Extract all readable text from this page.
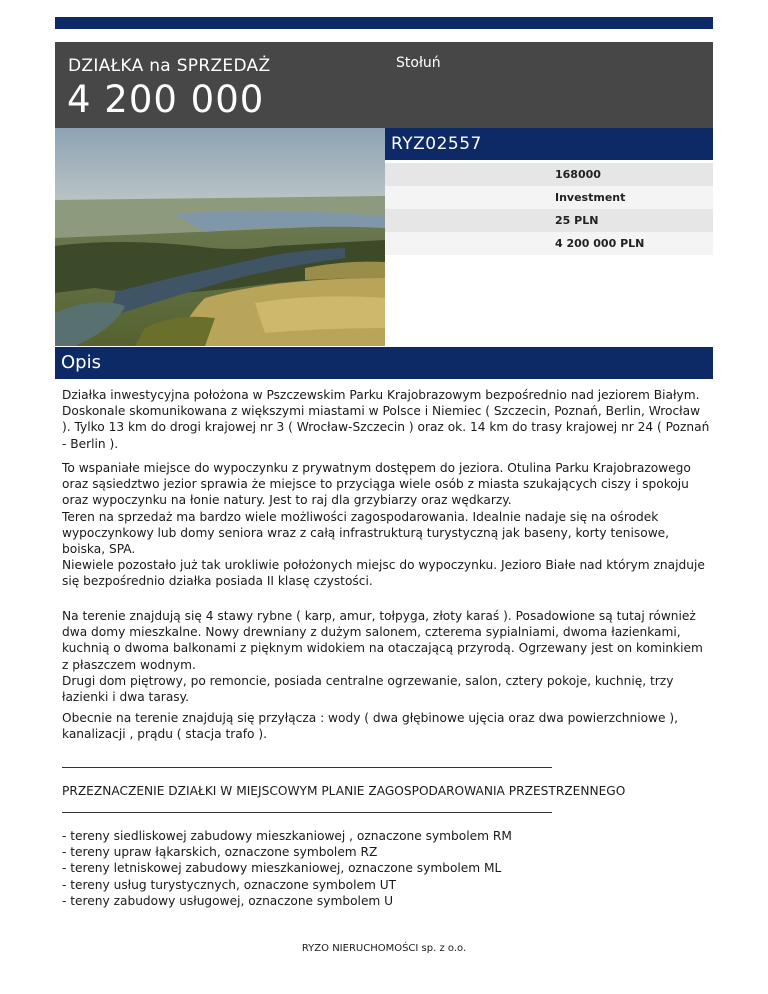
DZIAŁKA na SPRZEDAŻ
4 200 000
Stołuń
RYZ02557
168000
Investment
25 PLN
4 200 000 PLN
Opis

Działka inwestycyjna położona w Pszczewskim Parku Krajobrazowym bezpośrednio nad jeziorem Białym. Doskonale skomunikowana z większymi miastami w Polsce i Niemiec ( Szczecin, Poznań, Berlin, Wrocław ). Tylko 13 km do drogi krajowej nr 3 ( Wrocław-Szczecin ) oraz ok. 14 km do trasy krajowej nr 24 ( Poznań - Berlin ).

To wspaniałe miejsce do wypoczynku z prywatnym dostępem do jeziora. Otulina Parku Krajobrazowego oraz sąsiedztwo jezior sprawia że miejsce to przyciąga wiele osób z miasta szukających ciszy i spokoju oraz wypoczynku na łonie natury. Jest to raj dla grzybiarzy oraz wędkarzy.

Teren na sprzedaż ma bardzo wiele możliwości zagospodarowania. Idealnie nadaje się na ośrodek wypoczynkowy lub domy seniora wraz z całą infrastrukturą turystyczną jak baseny, korty tenisowe, boiska, SPA.

Niewiele pozostało już tak urokliwie położonych miejsc do wypoczynku. Jezioro Białe nad którym znajduje się bezpośrednio działka posiada II klasę czystości.

Na terenie znajdują się 4 stawy rybne ( karp, amur, tołpyga, złoty karaś ). Posadowione są tutaj również dwa domy mieszkalne. Nowy drewniany z dużym salonem, czterema sypialniami, dwoma łazienkami, kuchnią o dwoma balkonami z pięknym widokiem na otaczającą przyrodą. Ogrzewany jest on kominkiem z płaszczem wodnym.

Drugi dom piętrowy, po remoncie, posiada centralne ogrzewanie, salon, cztery pokoje, kuchnię, trzy łazienki i dwa tarasy.

Obecnie na terenie znajdują się przyłącza : wody ( dwa głębinowe ujęcia oraz dwa powierzchniowe ), kanalizacji , prądu ( stacja trafo ).

PRZEZNACZENIE DZIAŁKI W MIEJSCOWYM PLANIE ZAGOSPODAROWANIA PRZESTRZENNEGO

- tereny siedliskowej zabudowy mieszkaniowej , oznaczone symbolem RM

- tereny upraw łąkarskich, oznaczone symbolem RZ

- tereny letniskowej zabudowy mieszkaniowej, oznaczone symbolem ML

- tereny usług turystycznych, oznaczone symbolem UT

- tereny zabudowy usługowej, oznaczone symbolem U

RYZO NIERUCHOMOŚCI sp. z o.o.
